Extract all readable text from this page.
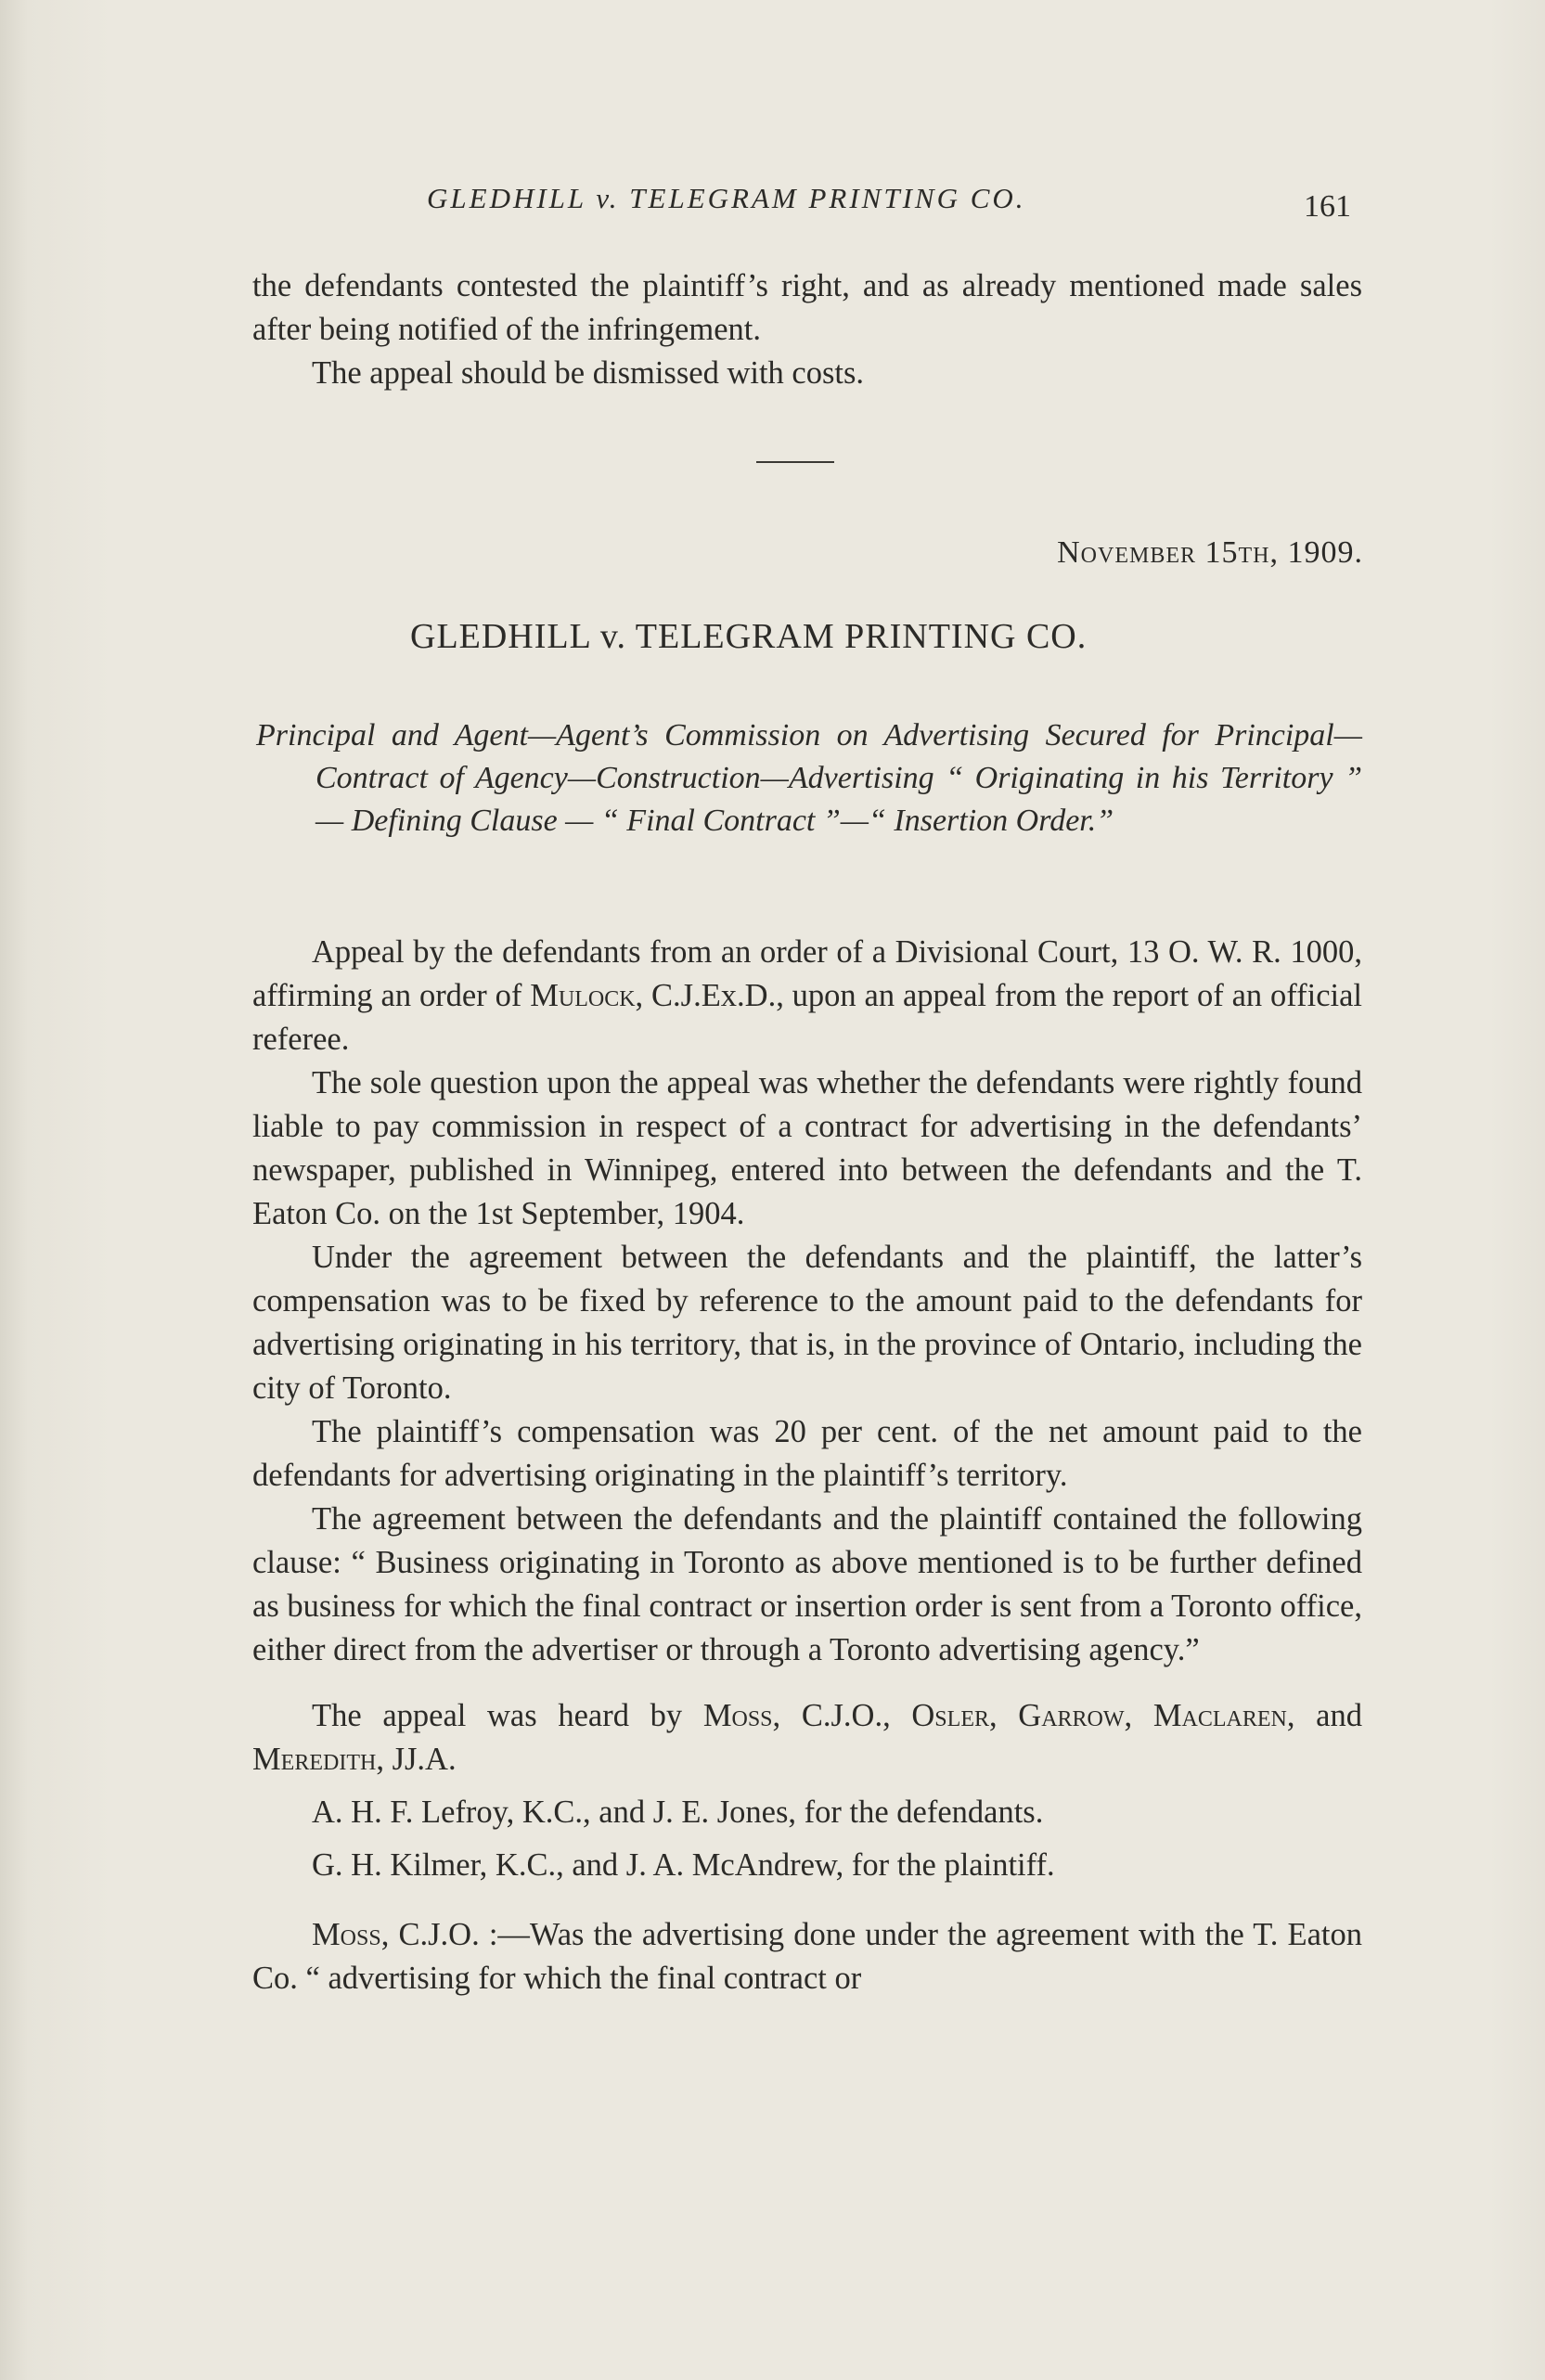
GLEDHILL v. TELEGRAM PRINTING CO.	161

the defendants contested the plaintiff’s right, and as already mentioned made sales after being notified of the infringement.

The appeal should be dismissed with costs.

November 15th, 1909.
GLEDHILL v. TELEGRAM PRINTING CO.

Principal and Agent—Agent’s Commission on Advertising Secured for Principal—Contract of Agency—Construction—Advertising “ Originating in his Territory ” — Defining Clause — “ Final Contract ”—“ Insertion Order.”

Appeal by the defendants from an order of a Divisional Court, 13 O. W. R. 1000, affirming an order of Mulock, C.J.Ex.D., upon an appeal from the report of an official referee.

The sole question upon the appeal was whether the defendants were rightly found liable to pay commission in respect of a contract for advertising in the defendants’ newspaper, published in Winnipeg, entered into between the defendants and the T. Eaton Co. on the 1st September, 1904.

Under the agreement between the defendants and the plaintiff, the latter’s compensation was to be fixed by reference to the amount paid to the defendants for advertising originating in his territory, that is, in the province of Ontario, including the city of Toronto.

The plaintiff’s compensation was 20 per cent. of the net amount paid to the defendants for advertising originating in the plaintiff’s territory.

The agreement between the defendants and the plaintiff contained the following clause: “ Business originating in Toronto as above mentioned is to be further defined as business for which the final contract or insertion order is sent from a Toronto office, either direct from the advertiser or through a Toronto advertising agency.”

The appeal was heard by Moss, C.J.O., Osler, Garrow, Maclaren, and Meredith, JJ.A.

A. H. F. Lefroy, K.C., and J. E. Jones, for the defendants.

G. H. Kilmer, K.C., and J. A. McAndrew, for the plaintiff.

Moss, C.J.O. :—Was the advertising done under the agreement with the T. Eaton Co. “ advertising for which the final contract or
